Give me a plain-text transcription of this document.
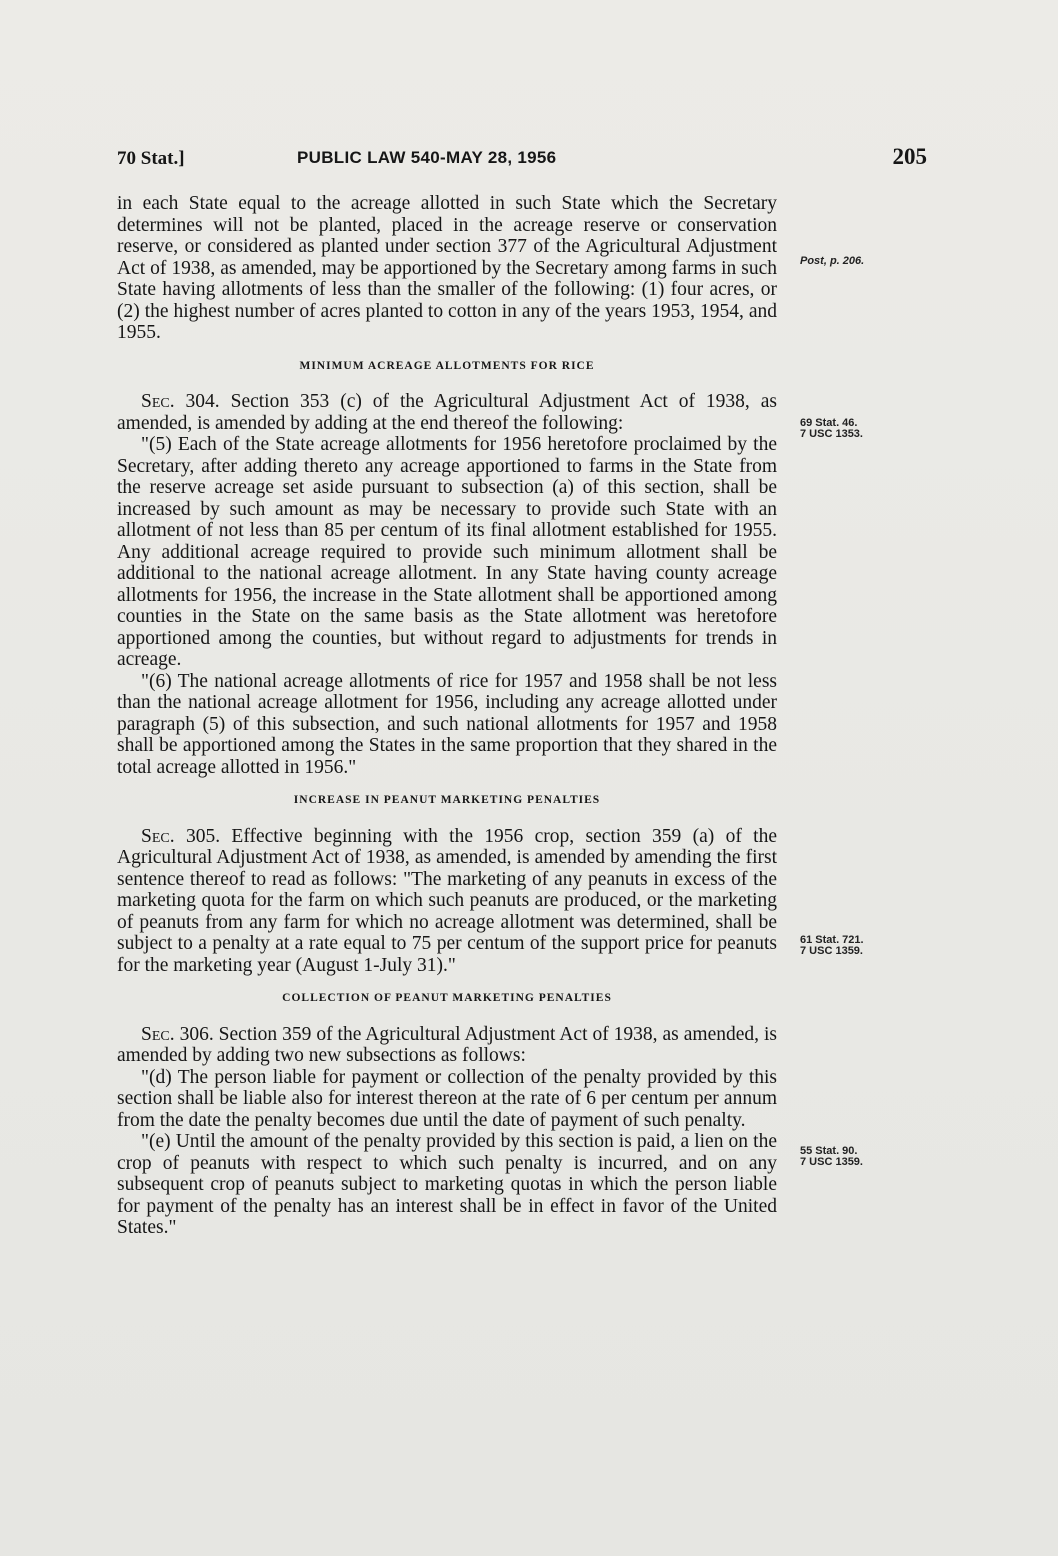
70 Stat.]	PUBLIC LAW 540-MAY 28, 1956	205

in each State equal to the acreage allotted in such State which the Secretary determines will not be planted, placed in the acreage reserve or conservation reserve, or considered as planted under section 377 of the Agricultural Adjustment Act of 1938, as amended, may be apportioned by the Secretary among farms in such State having allotments of less than the smaller of the following: (1) four acres, or (2) the highest number of acres planted to cotton in any of the years 1953, 1954, and 1955.

MINIMUM ACREAGE ALLOTMENTS FOR RICE

Sec. 304. Section 353 (c) of the Agricultural Adjustment Act of 1938, as amended, is amended by adding at the end thereof the following:

"(5) Each of the State acreage allotments for 1956 heretofore proclaimed by the Secretary, after adding thereto any acreage apportioned to farms in the State from the reserve acreage set aside pursuant to subsection (a) of this section, shall be increased by such amount as may be necessary to provide such State with an allotment of not less than 85 per centum of its final allotment established for 1955. Any additional acreage required to provide such minimum allotment shall be additional to the national acreage allotment. In any State having county acreage allotments for 1956, the increase in the State allotment shall be apportioned among counties in the State on the same basis as the State allotment was heretofore apportioned among the counties, but without regard to adjustments for trends in acreage.

"(6) The national acreage allotments of rice for 1957 and 1958 shall be not less than the national acreage allotment for 1956, including any acreage allotted under paragraph (5) of this subsection, and such national allotments for 1957 and 1958 shall be apportioned among the States in the same proportion that they shared in the total acreage allotted in 1956."

INCREASE IN PEANUT MARKETING PENALTIES

Sec. 305. Effective beginning with the 1956 crop, section 359 (a) of the Agricultural Adjustment Act of 1938, as amended, is amended by amending the first sentence thereof to read as follows: "The marketing of any peanuts in excess of the marketing quota for the farm on which such peanuts are produced, or the marketing of peanuts from any farm for which no acreage allotment was determined, shall be subject to a penalty at a rate equal to 75 per centum of the support price for peanuts for the marketing year (August 1-July 31)."

COLLECTION OF PEANUT MARKETING PENALTIES

Sec. 306. Section 359 of the Agricultural Adjustment Act of 1938, as amended, is amended by adding two new subsections as follows:

"(d) The person liable for payment or collection of the penalty provided by this section shall be liable also for interest thereon at the rate of 6 per centum per annum from the date the penalty becomes due until the date of payment of such penalty.

"(e) Until the amount of the penalty provided by this section is paid, a lien on the crop of peanuts with respect to which such penalty is incurred, and on any subsequent crop of peanuts subject to marketing quotas in which the person liable for payment of the penalty has an interest shall be in effect in favor of the United States."

Post, p. 206.
69 Stat. 46.
7 USC 1353.
61 Stat. 721.
7 USC 1359.
55 Stat. 90.
7 USC 1359.
